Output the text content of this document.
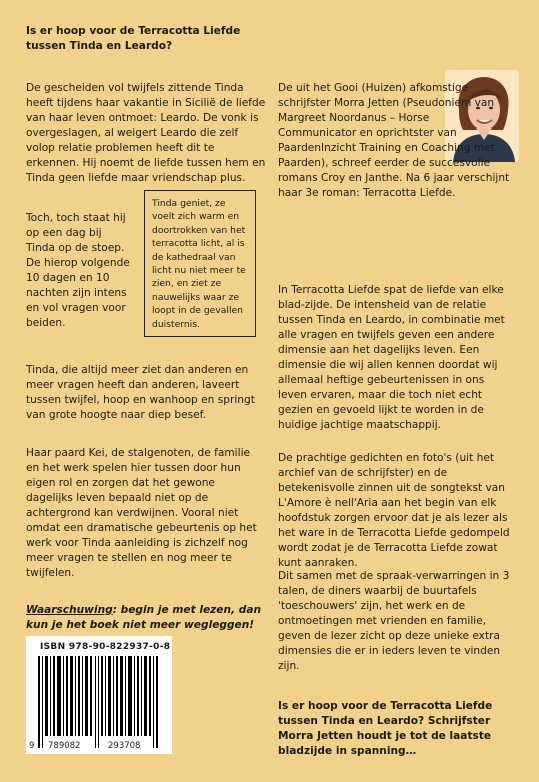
Is er hoop voor de Terracotta Liefde tussen Tinda en Leardo?

De gescheiden vol twijfels zittende Tinda heeft tijdens haar vakantie in Sicilië de liefde van haar leven ontmoet: Leardo. De vonk is overgeslagen, al weigert Leardo die zelf volop relatie problemen heeft dit te erkennen. Hij noemt de liefde tussen hem en Tinda geen liefde maar vriendschap plus.

Toch, toch staat hij op een dag bij Tinda op de stoep. De hierop volgende 10 dagen en 10 nachten zijn intens en vol vragen voor beiden.

Tinda geniet, ze voelt zich warm en doortrokken van het terracotta licht, al is de kathedraal van licht nu niet meer te zien, en ziet ze nauwelijks waar ze loopt in de gevallen duisternis.

Tinda, die altijd meer ziet dan anderen en meer vragen heeft dan anderen, laveert tussen twijfel, hoop en wanhoop en springt van grote hoogte naar diep besef.

Haar paard Kei, de stalgenoten, de familie en het werk spelen hier tussen door hun eigen rol en zorgen dat het gewone dagelijks leven bepaald niet op de achtergrond kan verdwijnen. Vooral niet omdat een dramatische gebeurtenis op het werk voor Tinda aanleiding is zichzelf nog meer vragen te stellen en nog meer te twijfelen.

Waarschuwing: begin je met lezen, dan kun je het boek niet meer wegleggen!

De uit het Gooi (Huizen) afkomstige schrijfster Morra Jetten (Pseudoniem van Margreet Noordanus – Horse Communicator en oprichtster van PaardenInzicht Training en Coaching met Paarden), schreef eerder de succesvolle romans Croy en Janthe. Na 6 jaar verschijnt haar 3e roman: Terracotta Liefde.

In Terracotta Liefde spat de liefde van elke blad-zijde. De intensheid van de relatie tussen Tinda en Leardo, in combinatie met alle vragen en twijfels geven een andere dimensie aan het dagelijks leven. Een dimensie die wij allen kennen doordat wij allemaal heftige gebeurtenissen in ons leven ervaren, maar die toch niet echt gezien en gevoeld lijkt te worden in de huidige jachtige maatschappij.

De prachtige gedichten en foto's (uit het archief van de schrijfster) en de betekenisvolle zinnen uit de songtekst van L'Amore è nell'Aria aan het begin van elk hoofdstuk zorgen ervoor dat je als lezer als het ware in de Terracotta Liefde gedompeld wordt zodat je de Terracotta Liefde zowat kunt aanraken.

Dit samen met de spraak-verwarringen in 3 talen, de diners waarbij de buurtafels 'toeschouwers' zijn, het werk en de ontmoetingen met vrienden en familie, geven de lezer zicht op deze unieke extra dimensies die er in ieders leven te vinden zijn.

Is er hoop voor de Terracotta Liefde tussen Tinda en Leardo? Schrijfster Morra Jetten houdt je tot de laatste bladzijde in spanning…

ISBN 978-90-822937-0-8
9 789082	293708
